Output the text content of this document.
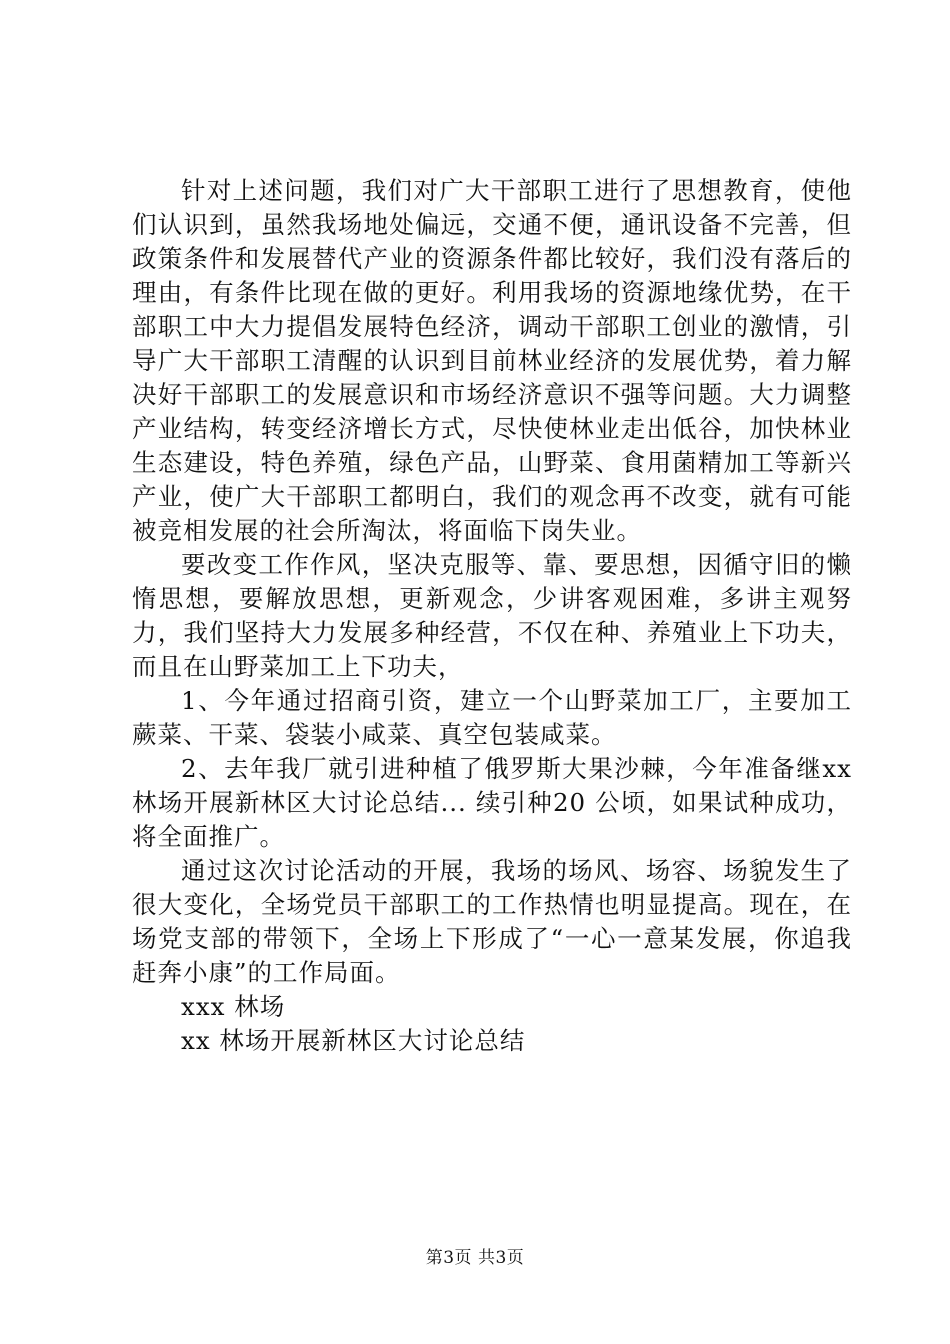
针对上述问题，我们对广大干部职工进行了思想教育，使他们认识到，虽然我场地处偏远，交通不便，通讯设备不完善，但政策条件和发展替代产业的资源条件都比较好，我们没有落后的理由，有条件比现在做的更好。利用我场的资源地缘优势，在干部职工中大力提倡发展特色经济，调动干部职工创业的激情，引导广大干部职工清醒的认识到目前林业经济的发展优势，着力解决好干部职工的发展意识和市场经济意识不强等问题。大力调整产业结构，转变经济增长方式，尽快使林业走出低谷，加快林业生态建设，特色养殖，绿色产品，山野菜、食用菌精加工等新兴产业，使广大干部职工都明白，我们的观念再不改变，就有可能被竞相发展的社会所淘汰，将面临下岗失业。

要改变工作作风，坚决克服等、靠、要思想，因循守旧的懒惰思想，要解放思想，更新观念，少讲客观困难，多讲主观努力，我们坚持大力发展多种经营，不仅在种、养殖业上下功夫，而且在山野菜加工上下功夫，

1、今年通过招商引资，建立一个山野菜加工厂，主要加工蕨菜、干菜、袋装小咸菜、真空包装咸菜。

2、去年我厂就引进种植了俄罗斯大果沙棘，今年准备继xx 林场开展新林区大讨论总结... 续引种20 公顷，如果试种成功，将全面推广。

通过这次讨论活动的开展，我场的场风、场容、场貌发生了很大变化，全场党员干部职工的工作热情也明显提高。现在，在场党支部的带领下，全场上下形成了“一心一意某发展，你追我赶奔小康”的工作局面。

xxx 林场

xx 林场开展新林区大讨论总结

第3页 共3页
